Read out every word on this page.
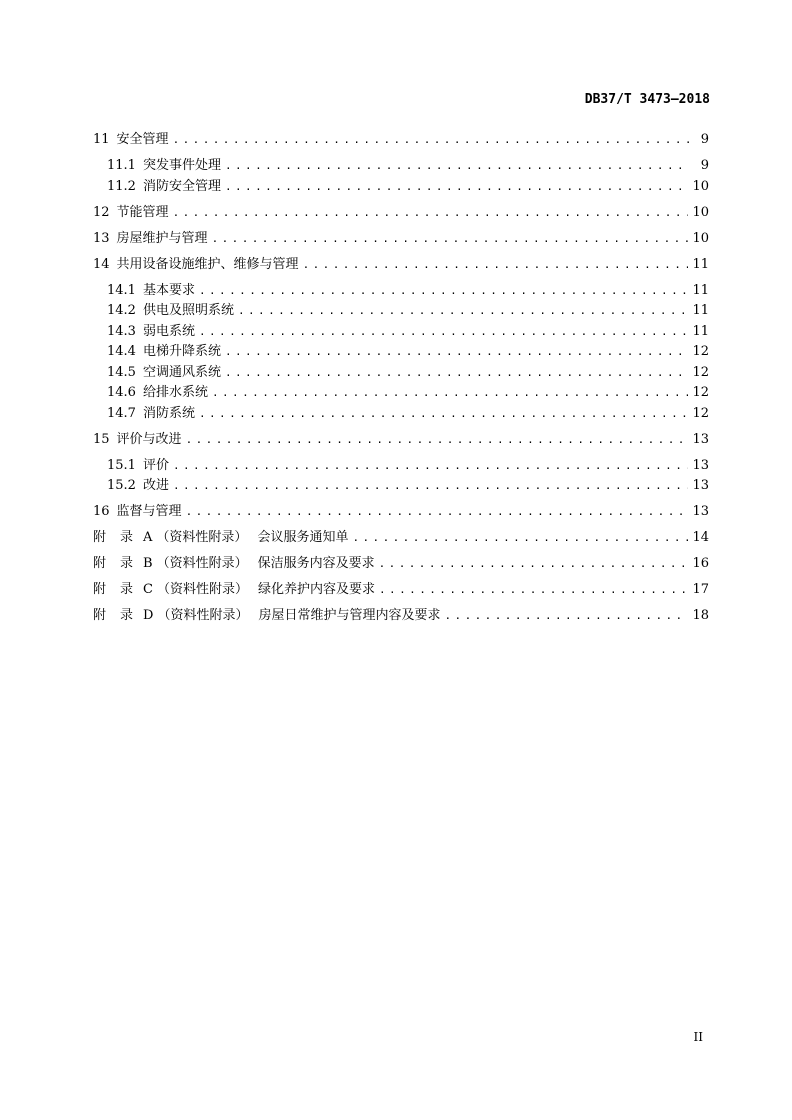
DB37/T 3473—2018
11 安全管理 . . .	9
11.1 突发事件处理 . . .	9
11.2 消防安全管理 . . .	10
12 节能管理 . . .	10
13 房屋维护与管理 . . .	10
14 共用设备设施维护、维修与管理 . . .	11
14.1 基本要求 . . .	11
14.2 供电及照明系统 . . .	11
14.3 弱电系统 . . .	11
14.4 电梯升降系统 . . .	12
14.5 空调通风系统 . . .	12
14.6 给排水系统 . . .	12
14.7 消防系统 . . .	12
15 评价与改进 . . .	13
15.1 评价 . . .	13
15.2 改进 . . .	13
16 监督与管理 . . .	13
附 录 A （资料性附录） 会议服务通知单 . . .	14
附 录 B （资料性附录） 保洁服务内容及要求 . . .	16
附 录 C （资料性附录） 绿化养护内容及要求 . . .	17
附 录 D （资料性附录） 房屋日常维护与管理内容及要求 . . .	18
II
